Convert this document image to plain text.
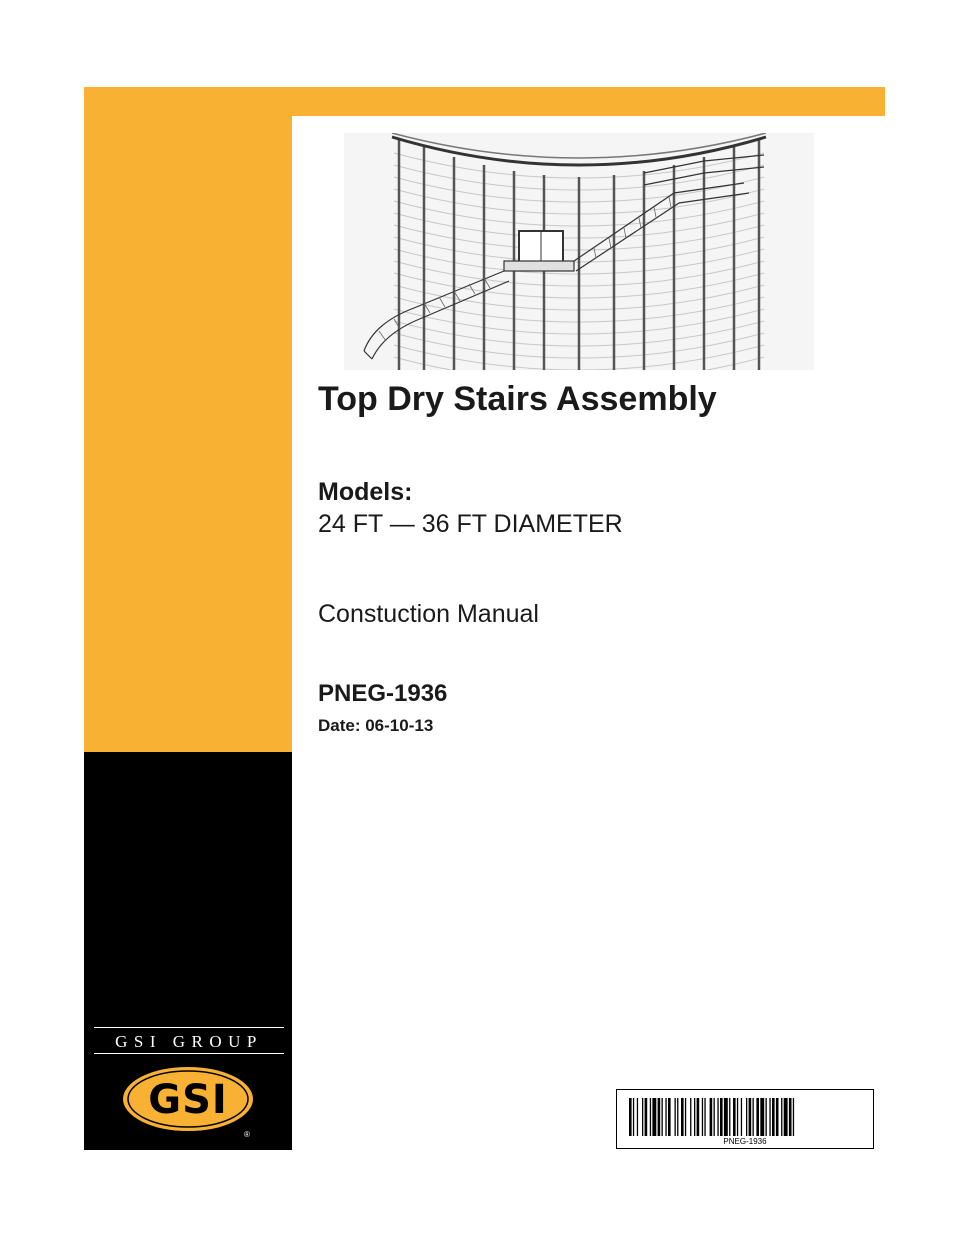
GSI GROUP
GSI
®
Top Dry Stairs Assembly
Models:
24 FT — 36 FT DIAMETER
Constuction Manual
PNEG-1936
Date: 06-10-13
PNEG-1936
